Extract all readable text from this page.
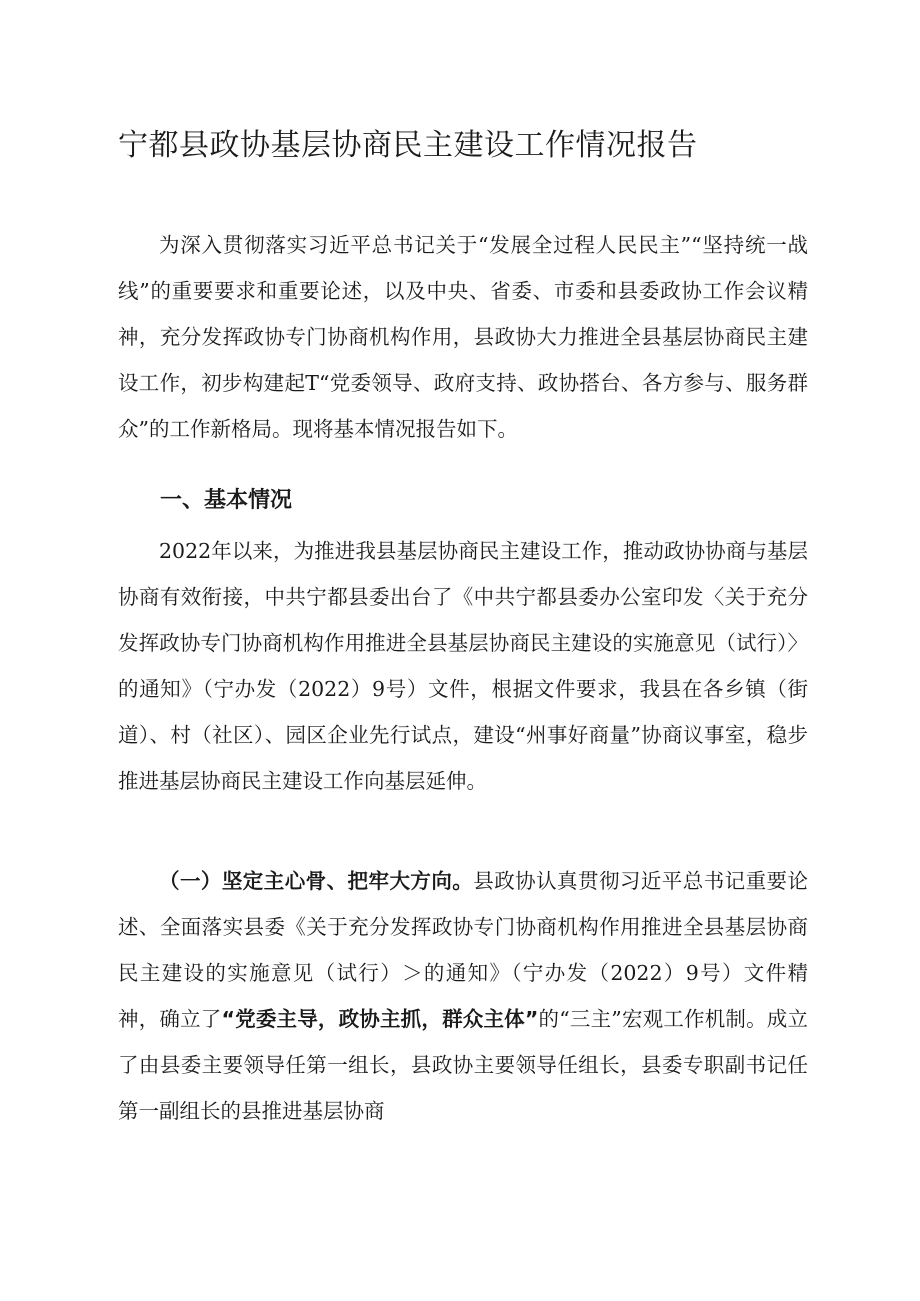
宁都县政协基层协商民主建设工作情况报告

为深入贯彻落实习近平总书记关于“发展全过程人民民主”“坚持统一战线”的重要要求和重要论述，以及中央、省委、市委和县委政协工作会议精神，充分发挥政协专门协商机构作用，县政协大力推进全县基层协商民主建设工作，初步构建起T“党委领导、政府支持、政协搭台、各方参与、服务群众”的工作新格局。现将基本情况报告如下。

一、基本情况

2022年以来，为推进我县基层协商民主建设工作，推动政协协商与基层协商有效衔接，中共宁都县委出台了《中共宁都县委办公室印发〈关于充分发挥政协专门协商机构作用推进全县基层协商民主建设的实施意见（试行）〉的通知》（宁办发（2022）9号）文件，根据文件要求，我县在各乡镇（街道）、村（社区）、园区企业先行试点，建设“州事好商量”协商议事室，稳步推进基层协商民主建设工作向基层延伸。

（一）坚定主心骨、把牢大方向。县政协认真贯彻习近平总书记重要论述、全面落实县委《关于充分发挥政协专门协商机构作用推进全县基层协商民主建设的实施意见（试行）＞的通知》（宁办发（2022）9号）文件精神，确立了“党委主导，政协主抓，群众主体”的“三主”宏观工作机制。成立了由县委主要领导任第一组长，县政协主要领导任组长，县委专职副书记任第一副组长的县推进基层协商
